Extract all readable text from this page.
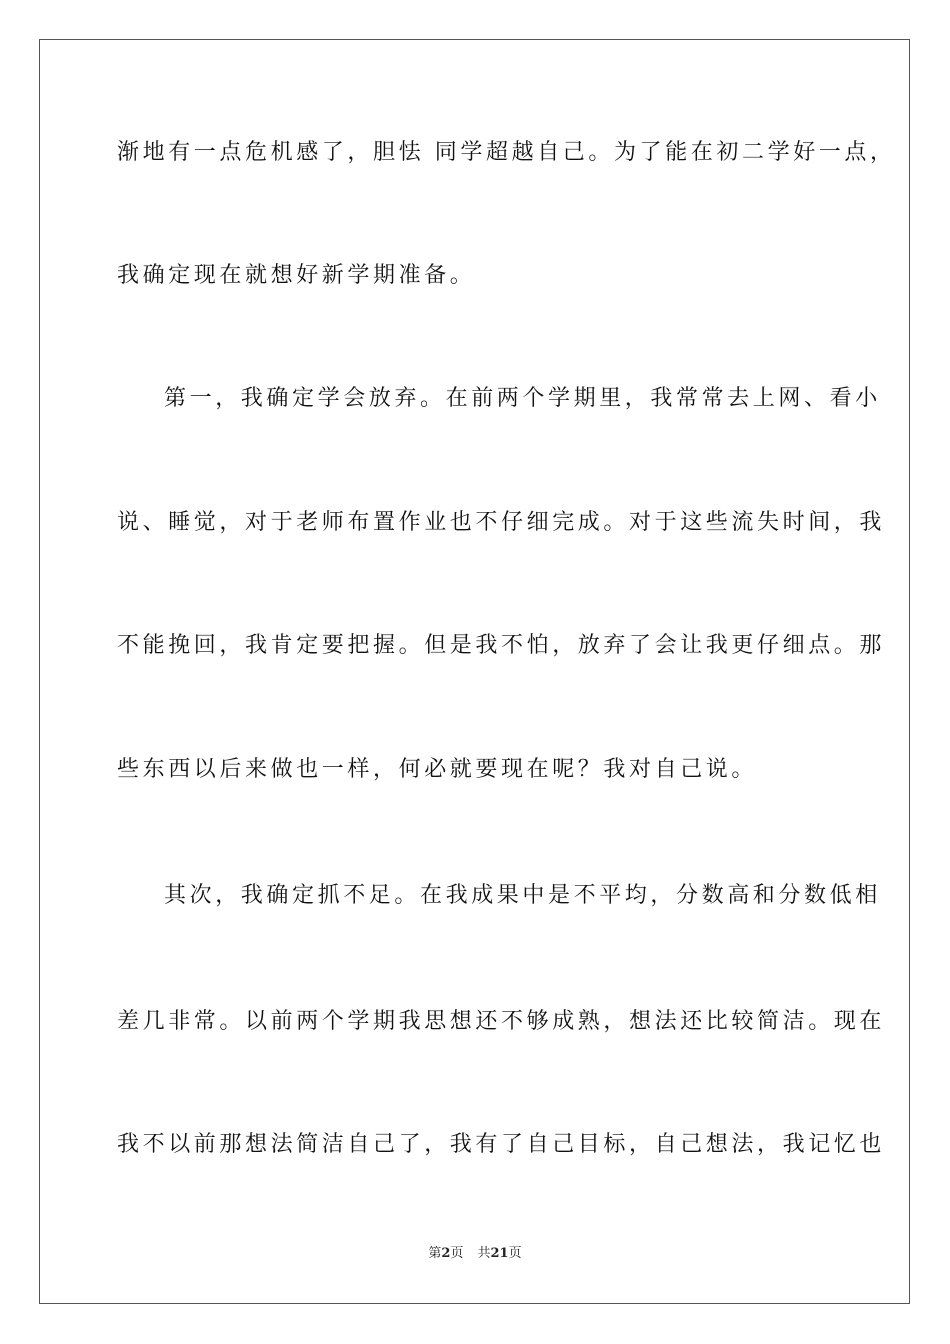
渐地有一点危机感了，胆怯 同学超越自己。为了能在初二学好一点，
我确定现在就想好新学期准备。
第一，我确定学会放弃。在前两个学期里，我常常去上网、看小
说、睡觉，对于老师布置作业也不仔细完成。对于这些流失时间，我
不能挽回，我肯定要把握。但是我不怕，放弃了会让我更仔细点。那
些东西以后来做也一样，何必就要现在呢？我对自己说。
其次，我确定抓不足。在我成果中是不平均，分数高和分数低相
差几非常。以前两个学期我思想还不够成熟，想法还比较简洁。现在
我不以前那想法简洁自己了，我有了自己目标，自己想法，我记忆也
第2页 共21页
